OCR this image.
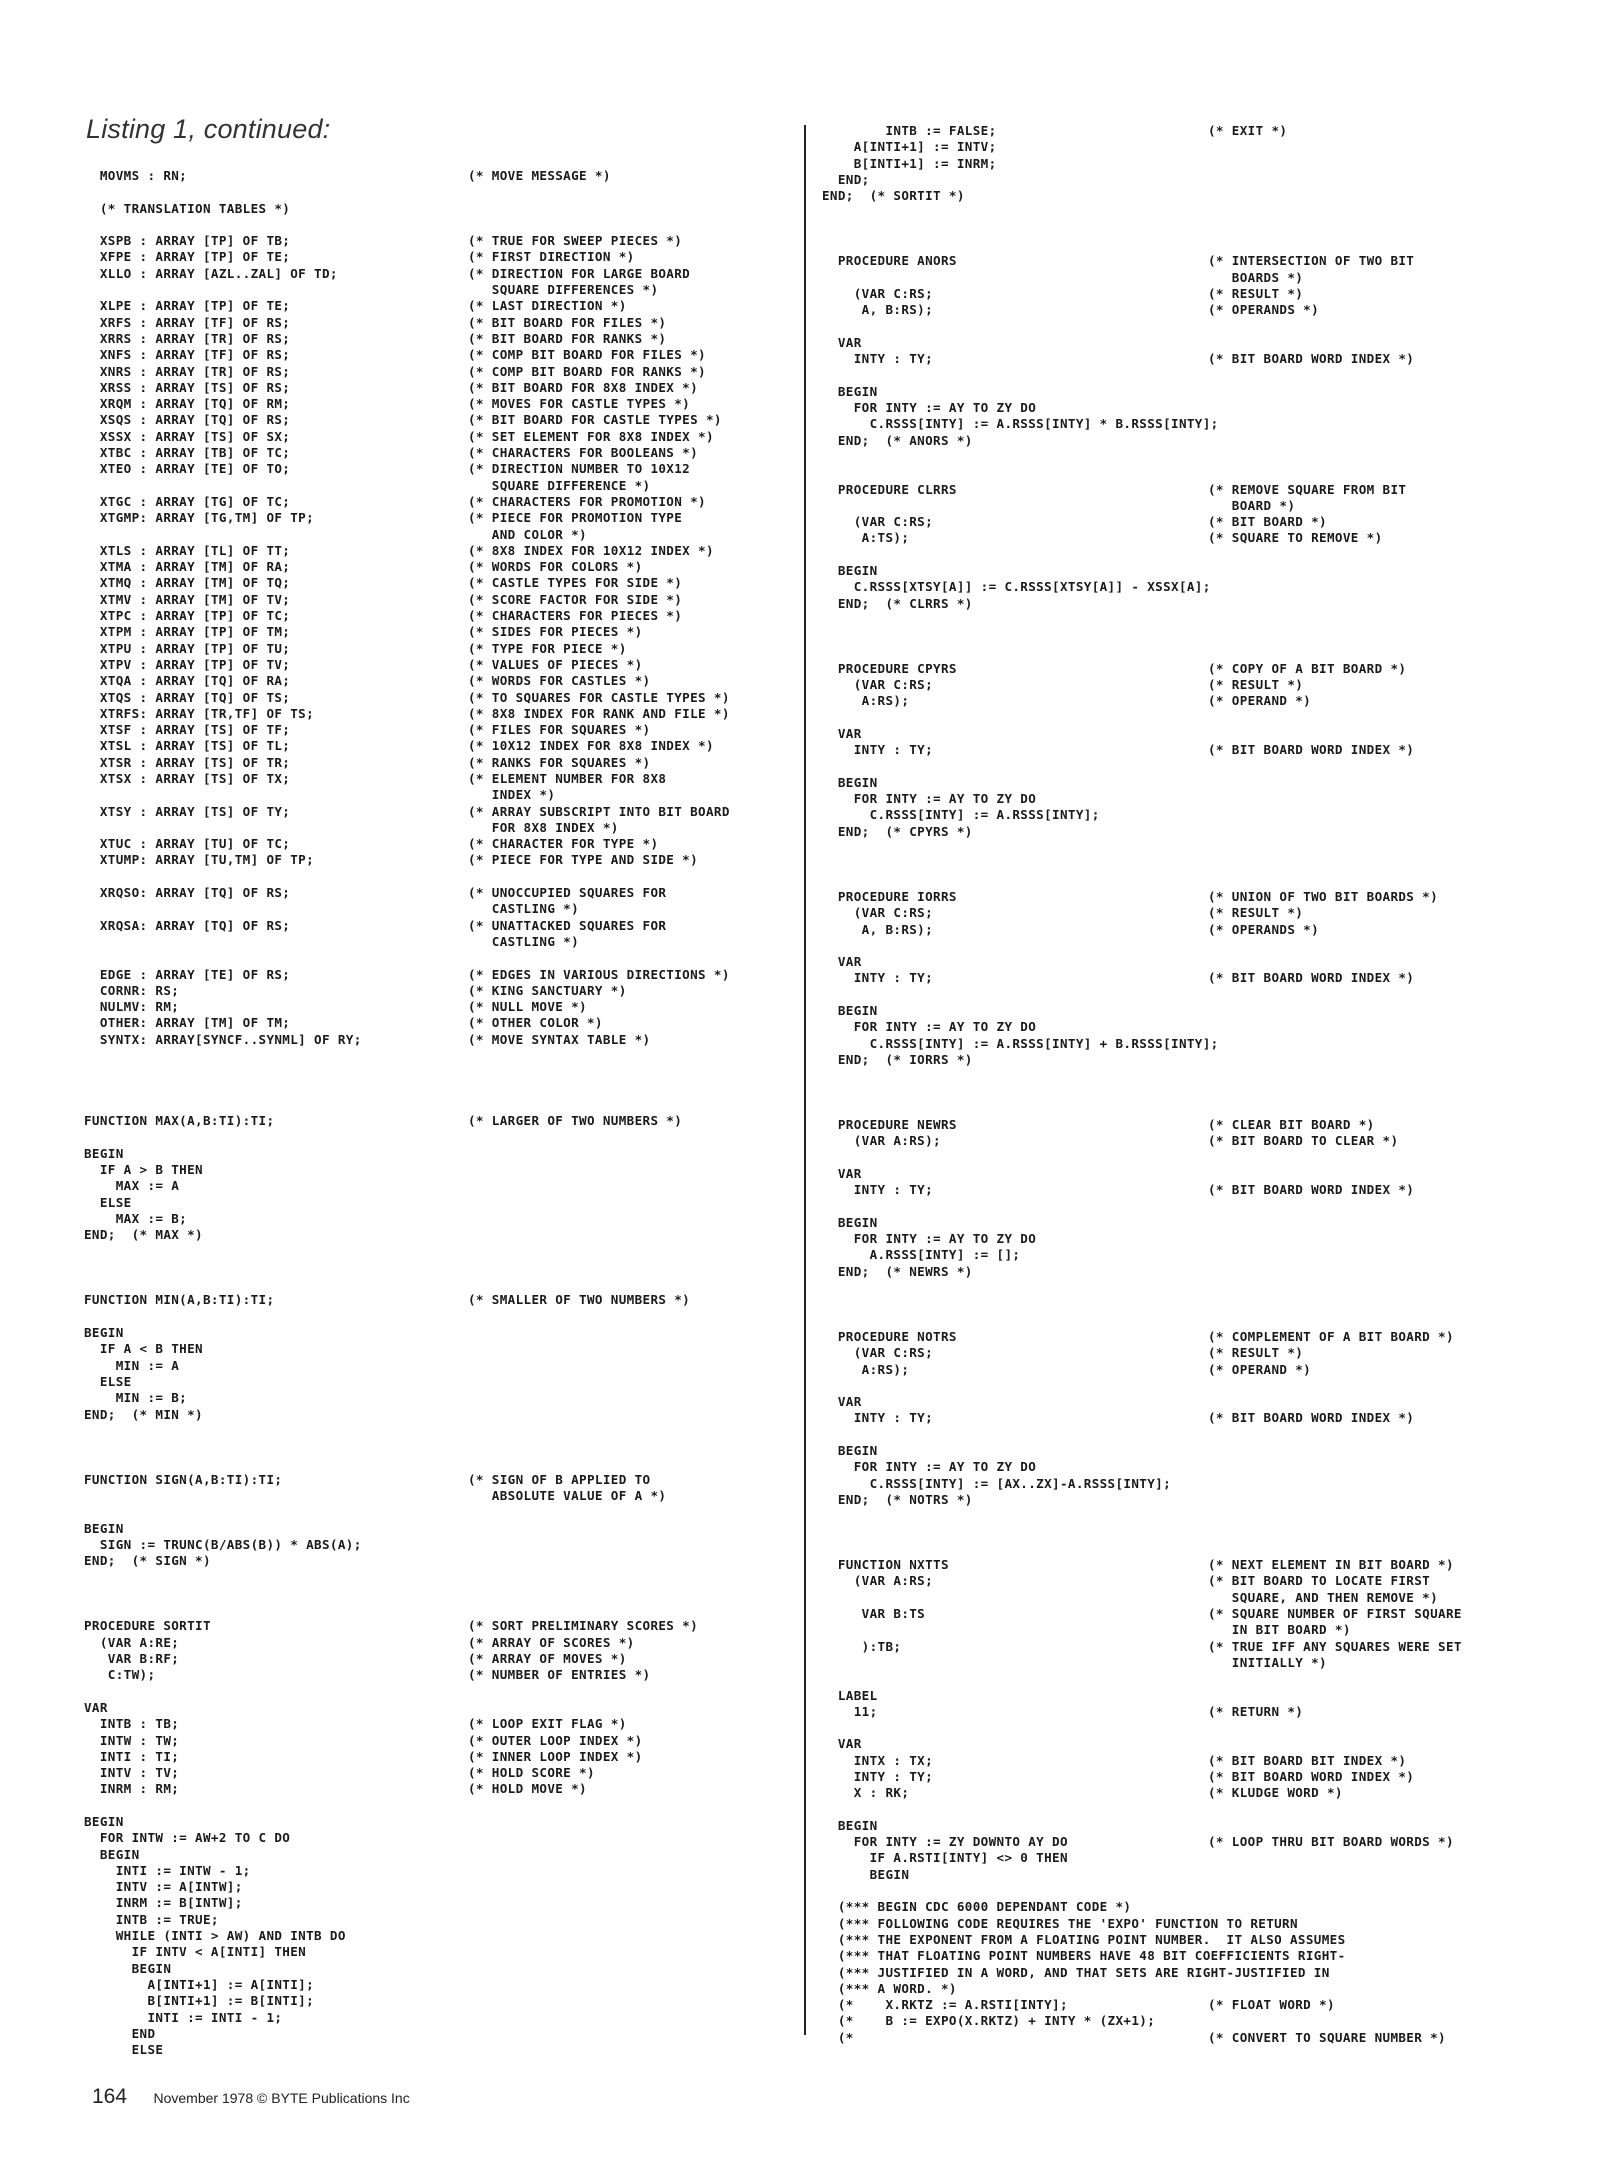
Listing 1, continued:
MOVMS : RN;	(* MOVE MESSAGE *)
(* TRANSLATION TABLES *)
XSPB : ARRAY [TP] OF TB;	(* TRUE FOR SWEEP PIECES *)
XFPE : ARRAY [TP] OF TE;	(* FIRST DIRECTION *)
XLLO : ARRAY [AZL..ZAL] OF TD;	(* DIRECTION FOR LARGE BOARD
SQUARE DIFFERENCES *)
XLPE : ARRAY [TP] OF TE;	(* LAST DIRECTION *)
XRFS : ARRAY [TF] OF RS;	(* BIT BOARD FOR FILES *)
XRRS : ARRAY [TR] OF RS;	(* BIT BOARD FOR RANKS *)
XNFS : ARRAY [TF] OF RS;	(* COMP BIT BOARD FOR FILES *)
XNRS : ARRAY [TR] OF RS;	(* COMP BIT BOARD FOR RANKS *)
XRSS : ARRAY [TS] OF RS;	(* BIT BOARD FOR 8X8 INDEX *)
XRQM : ARRAY [TQ] OF RM;	(* MOVES FOR CASTLE TYPES *)
XSQS : ARRAY [TQ] OF RS;	(* BIT BOARD FOR CASTLE TYPES *)
XSSX : ARRAY [TS] OF SX;	(* SET ELEMENT FOR 8X8 INDEX *)
XTBC : ARRAY [TB] OF TC;	(* CHARACTERS FOR BOOLEANS *)
XTEO : ARRAY [TE] OF TO;	(* DIRECTION NUMBER TO 10X12
SQUARE DIFFERENCE *)
XTGC : ARRAY [TG] OF TC;	(* CHARACTERS FOR PROMOTION *)
XTGMP: ARRAY [TG,TM] OF TP;	(* PIECE FOR PROMOTION TYPE
AND COLOR *)
XTLS : ARRAY [TL] OF TT;	(* 8X8 INDEX FOR 10X12 INDEX *)
XTMA : ARRAY [TM] OF RA;	(* WORDS FOR COLORS *)
XTMQ : ARRAY [TM] OF TQ;	(* CASTLE TYPES FOR SIDE *)
XTMV : ARRAY [TM] OF TV;	(* SCORE FACTOR FOR SIDE *)
XTPC : ARRAY [TP] OF TC;	(* CHARACTERS FOR PIECES *)
XTPM : ARRAY [TP] OF TM;	(* SIDES FOR PIECES *)
XTPU : ARRAY [TP] OF TU;	(* TYPE FOR PIECE *)
XTPV : ARRAY [TP] OF TV;	(* VALUES OF PIECES *)
XTQA : ARRAY [TQ] OF RA;	(* WORDS FOR CASTLES *)
XTQS : ARRAY [TQ] OF TS;	(* TO SQUARES FOR CASTLE TYPES *)
XTRFS: ARRAY [TR,TF] OF TS;	(* 8X8 INDEX FOR RANK AND FILE *)
XTSF : ARRAY [TS] OF TF;	(* FILES FOR SQUARES *)
XTSL : ARRAY [TS] OF TL;	(* 10X12 INDEX FOR 8X8 INDEX *)
XTSR : ARRAY [TS] OF TR;	(* RANKS FOR SQUARES *)
XTSX : ARRAY [TS] OF TX;	(* ELEMENT NUMBER FOR 8X8
INDEX *)
XTSY : ARRAY [TS] OF TY;	(* ARRAY SUBSCRIPT INTO BIT BOARD
FOR 8X8 INDEX *)
XTUC : ARRAY [TU] OF TC;	(* CHARACTER FOR TYPE *)
XTUMP: ARRAY [TU,TM] OF TP;	(* PIECE FOR TYPE AND SIDE *)
XRQSO: ARRAY [TQ] OF RS;	(* UNOCCUPIED SQUARES FOR
CASTLING *)
XRQSA: ARRAY [TQ] OF RS;	(* UNATTACKED SQUARES FOR
CASTLING *)
EDGE : ARRAY [TE] OF RS;	(* EDGES IN VARIOUS DIRECTIONS *)
CORNR: RS;	(* KING SANCTUARY *)
NULMV: RM;	(* NULL MOVE *)
OTHER: ARRAY [TM] OF TM;	(* OTHER COLOR *)
SYNTX: ARRAY[SYNCF..SYNML] OF RY;	(* MOVE SYNTAX TABLE *)
FUNCTION MAX(A,B:TI):TI;	(* LARGER OF TWO NUMBERS *)
BEGIN
IF A > B THEN
MAX := A
ELSE
MAX := B;
END;  (* MAX *)
FUNCTION MIN(A,B:TI):TI;	(* SMALLER OF TWO NUMBERS *)
BEGIN
IF A < B THEN
MIN := A
ELSE
MIN := B;
END;  (* MIN *)
FUNCTION SIGN(A,B:TI):TI;	(* SIGN OF B APPLIED TO
ABSOLUTE VALUE OF A *)
BEGIN
SIGN := TRUNC(B/ABS(B)) * ABS(A);
END;  (* SIGN *)
PROCEDURE SORTIT	(* SORT PRELIMINARY SCORES *)
(VAR A:RE;	(* ARRAY OF SCORES *)
VAR B:RF;	(* ARRAY OF MOVES *)
C:TW);	(* NUMBER OF ENTRIES *)
VAR
INTB : TB;	(* LOOP EXIT FLAG *)
INTW : TW;	(* OUTER LOOP INDEX *)
INTI : TI;	(* INNER LOOP INDEX *)
INTV : TV;	(* HOLD SCORE *)
INRM : RM;	(* HOLD MOVE *)
BEGIN
FOR INTW := AW+2 TO C DO
BEGIN
INTI := INTW - 1;
INTV := A[INTW];
INRM := B[INTW];
INTB := TRUE;
WHILE (INTI > AW) AND INTB DO
IF INTV < A[INTI] THEN
BEGIN
A[INTI+1] := A[INTI];
B[INTI+1] := B[INTI];
INTI := INTI - 1;
END
ELSE
INTB := FALSE;	(* EXIT *)
A[INTI+1] := INTV;
B[INTI+1] := INRM;
END;
END;  (* SORTIT *)
PROCEDURE ANORS	(* INTERSECTION OF TWO BIT
BOARDS *)
(VAR C:RS;	(* RESULT *)
A, B:RS);	(* OPERANDS *)
VAR
INTY : TY;	(* BIT BOARD WORD INDEX *)
BEGIN
FOR INTY := AY TO ZY DO
C.RSSS[INTY] := A.RSSS[INTY] * B.RSSS[INTY];
END;  (* ANORS *)
PROCEDURE CLRRS	(* REMOVE SQUARE FROM BIT
BOARD *)
(VAR C:RS;	(* BIT BOARD *)
A:TS);	(* SQUARE TO REMOVE *)
BEGIN
C.RSSS[XTSY[A]] := C.RSSS[XTSY[A]] - XSSX[A];
END;  (* CLRRS *)
PROCEDURE CPYRS	(* COPY OF A BIT BOARD *)
(VAR C:RS;	(* RESULT *)
A:RS);	(* OPERAND *)
VAR
INTY : TY;	(* BIT BOARD WORD INDEX *)
BEGIN
FOR INTY := AY TO ZY DO
C.RSSS[INTY] := A.RSSS[INTY];
END;  (* CPYRS *)
PROCEDURE IORRS	(* UNION OF TWO BIT BOARDS *)
(VAR C:RS;	(* RESULT *)
A, B:RS);	(* OPERANDS *)
VAR
INTY : TY;	(* BIT BOARD WORD INDEX *)
BEGIN
FOR INTY := AY TO ZY DO
C.RSSS[INTY] := A.RSSS[INTY] + B.RSSS[INTY];
END;  (* IORRS *)
PROCEDURE NEWRS	(* CLEAR BIT BOARD *)
(VAR A:RS);	(* BIT BOARD TO CLEAR *)
VAR
INTY : TY;	(* BIT BOARD WORD INDEX *)
BEGIN
FOR INTY := AY TO ZY DO
A.RSSS[INTY] := [];
END;  (* NEWRS *)
PROCEDURE NOTRS	(* COMPLEMENT OF A BIT BOARD *)
(VAR C:RS;	(* RESULT *)
A:RS);	(* OPERAND *)
VAR
INTY : TY;	(* BIT BOARD WORD INDEX *)
BEGIN
FOR INTY := AY TO ZY DO
C.RSSS[INTY] := [AX..ZX]-A.RSSS[INTY];
END;  (* NOTRS *)
FUNCTION NXTTS	(* NEXT ELEMENT IN BIT BOARD *)
(VAR A:RS;	(* BIT BOARD TO LOCATE FIRST
SQUARE, AND THEN REMOVE *)
VAR B:TS	(* SQUARE NUMBER OF FIRST SQUARE
IN BIT BOARD *)
):TB;	(* TRUE IFF ANY SQUARES WERE SET
INITIALLY *)
LABEL
11;	(* RETURN *)
VAR
INTX : TX;	(* BIT BOARD BIT INDEX *)
INTY : TY;	(* BIT BOARD WORD INDEX *)
X : RK;	(* KLUDGE WORD *)
BEGIN
FOR INTY := ZY DOWNTO AY DO	(* LOOP THRU BIT BOARD WORDS *)
IF A.RSTI[INTY] <> 0 THEN
BEGIN
(*** BEGIN CDC 6000 DEPENDANT CODE *)
(*** FOLLOWING CODE REQUIRES THE 'EXPO' FUNCTION TO RETURN
(*** THE EXPONENT FROM A FLOATING POINT NUMBER.  IT ALSO ASSUMES
(*** THAT FLOATING POINT NUMBERS HAVE 48 BIT COEFFICIENTS RIGHT-
(*** JUSTIFIED IN A WORD, AND THAT SETS ARE RIGHT-JUSTIFIED IN
(*** A WORD. *)
(*    X.RKTZ := A.RSTI[INTY];	(* FLOAT WORD *)
(*    B := EXPO(X.RKTZ) + INTY * (ZX+1);
(*	(* CONVERT TO SQUARE NUMBER *)
164 November 1978 © BYTE Publications Inc
